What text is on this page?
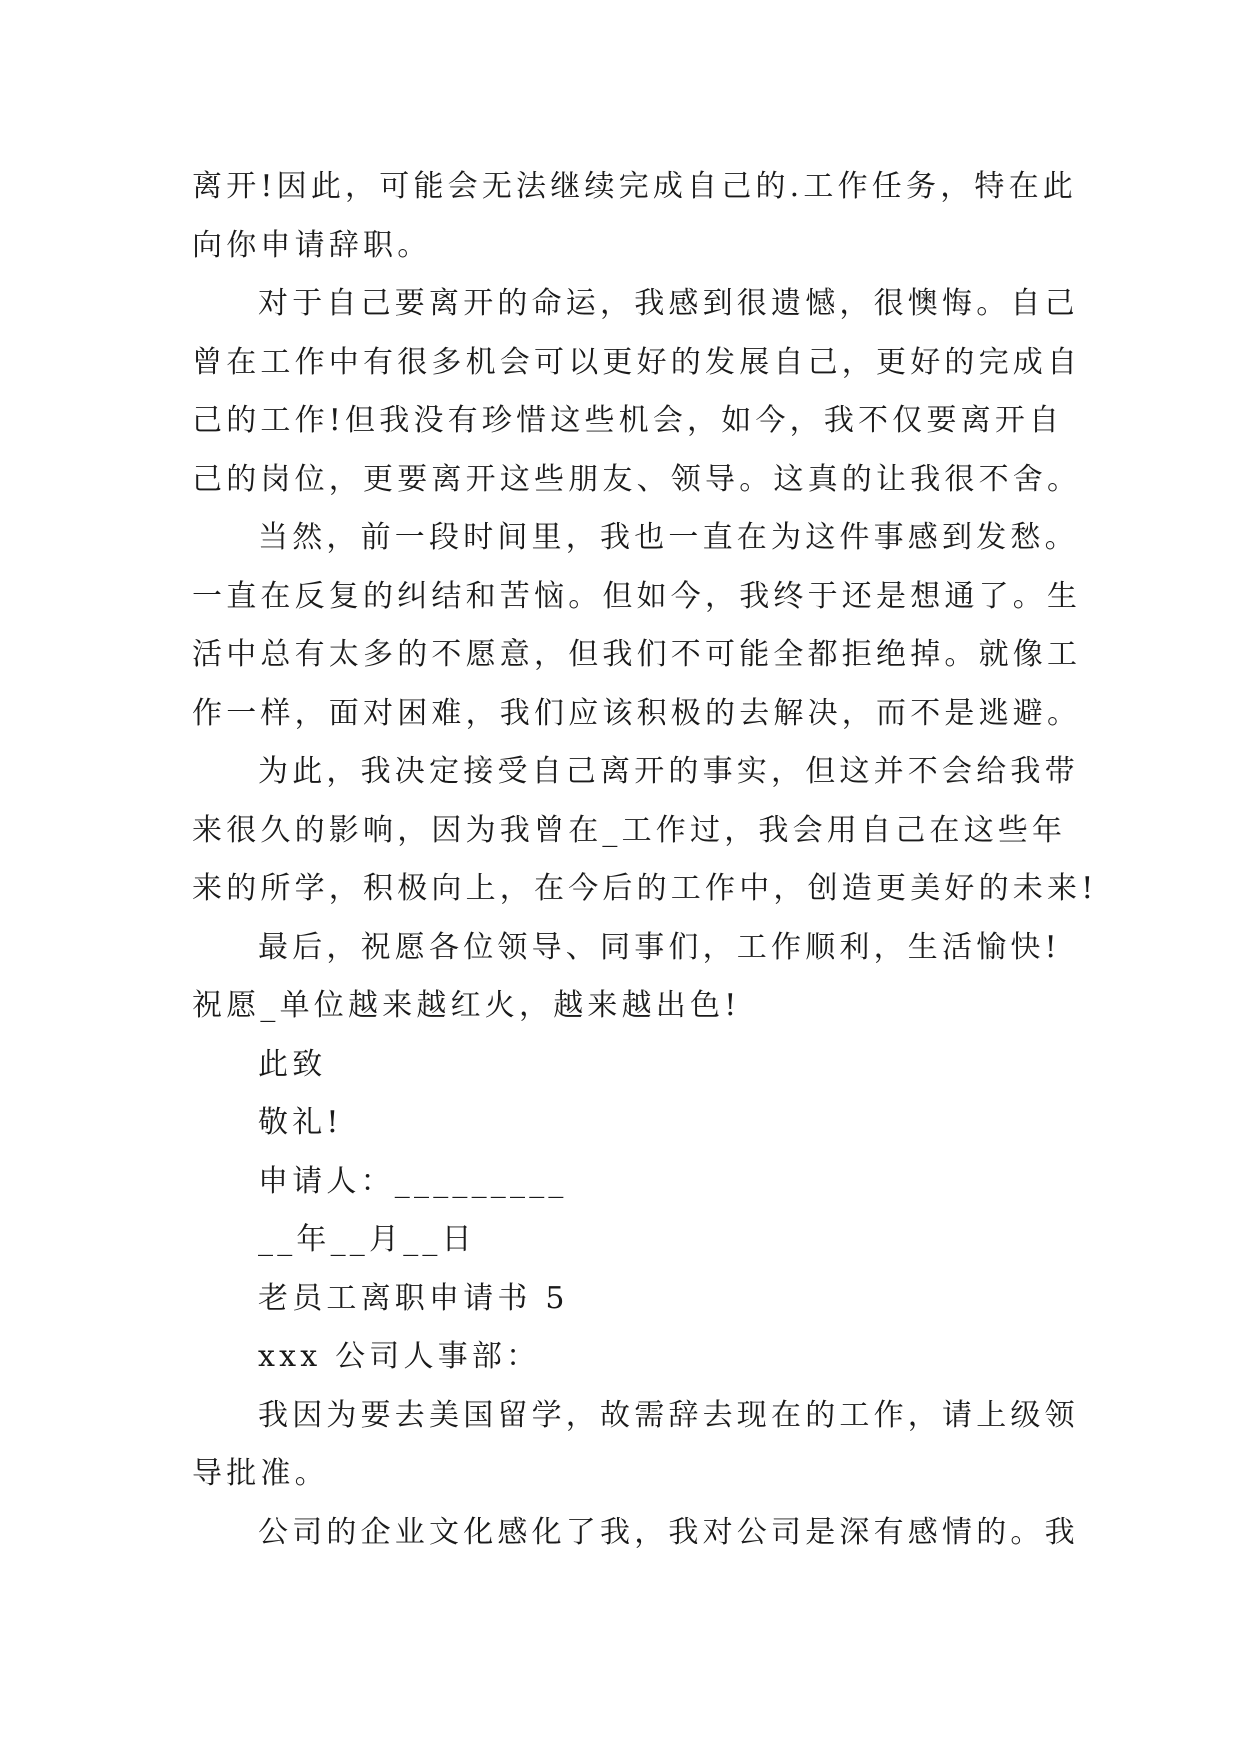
离开!因此，可能会无法继续完成自己的.工作任务，特在此
向你申请辞职。
对于自己要离开的命运，我感到很遗憾，很懊悔。自己
曾在工作中有很多机会可以更好的发展自己，更好的完成自
己的工作!但我没有珍惜这些机会，如今，我不仅要离开自
己的岗位，更要离开这些朋友、领导。这真的让我很不舍。
当然，前一段时间里，我也一直在为这件事感到发愁。
一直在反复的纠结和苦恼。但如今，我终于还是想通了。生
活中总有太多的不愿意，但我们不可能全都拒绝掉。就像工
作一样，面对困难，我们应该积极的去解决，而不是逃避。
为此，我决定接受自己离开的事实，但这并不会给我带
来很久的影响，因为我曾在_工作过，我会用自己在这些年
来的所学，积极向上，在今后的工作中，创造更美好的未来!
最后，祝愿各位领导、同事们，工作顺利，生活愉快!
祝愿_单位越来越红火，越来越出色!
此致
敬礼!
申请人：_________
__年__月__日
老员工离职申请书 5
xxx 公司人事部：
我因为要去美国留学，故需辞去现在的工作，请上级领
导批准。
公司的企业文化感化了我，我对公司是深有感情的。我
